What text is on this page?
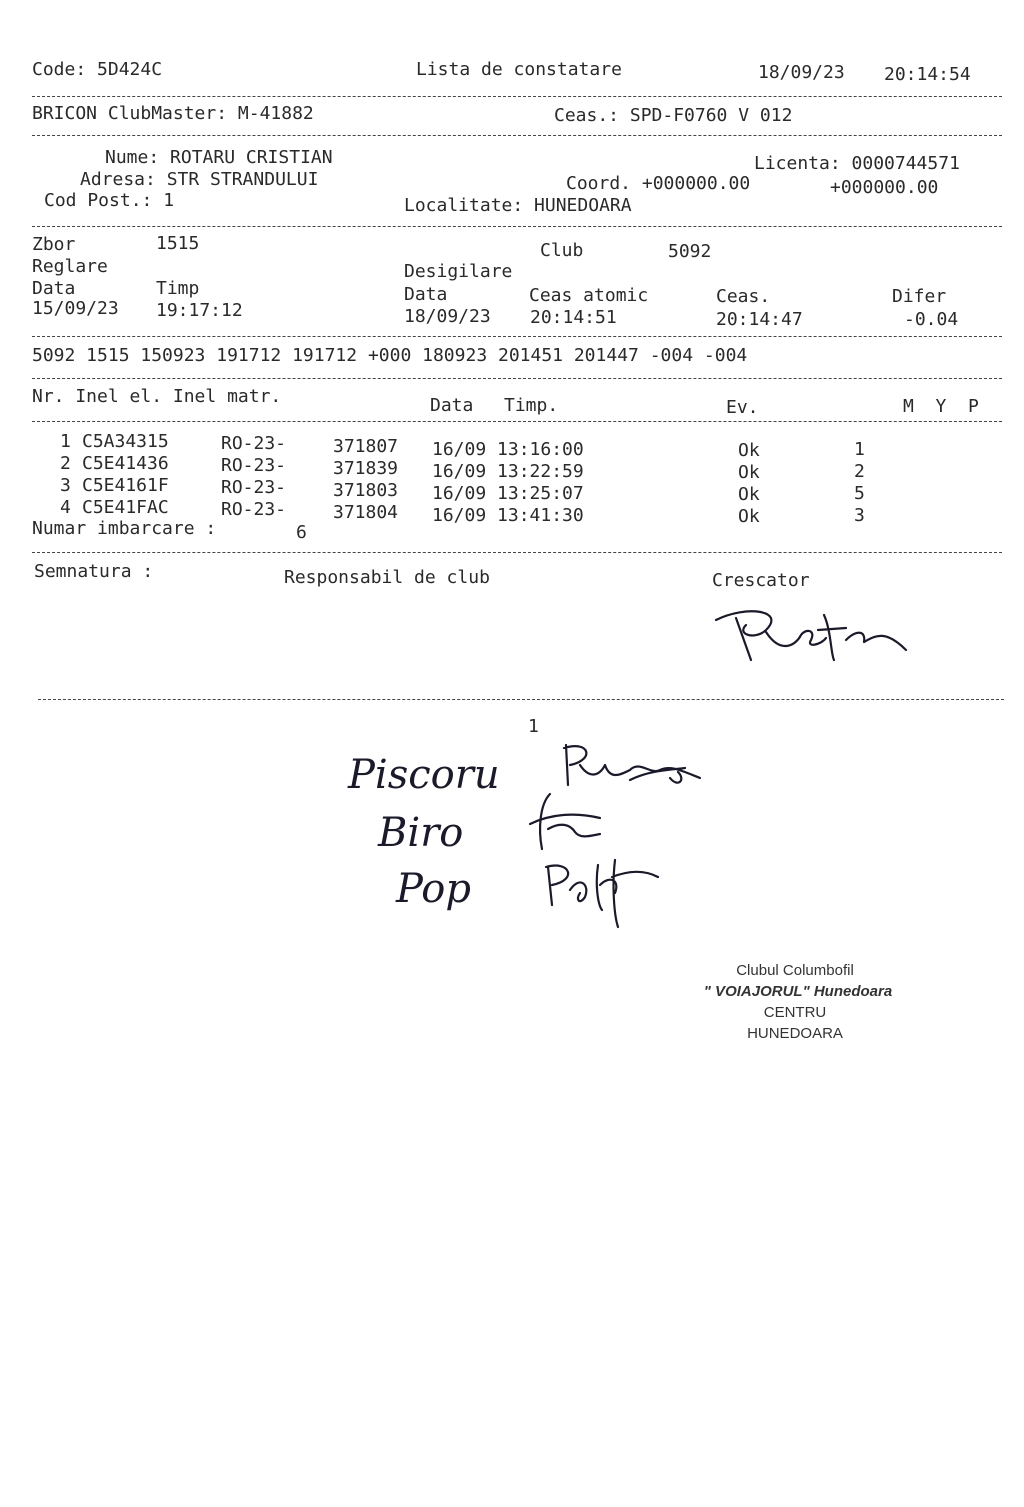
Code: 5D424C	Lista de constatare	18/09/23 20:14:54
BRICON ClubMaster: M-41882	Ceas.: SPD-F0760 V 012
Nume: ROTARU CRISTIAN
Adresa: STR STRANDULUI
Cod Post.: 1
Licenta: 0000744571
Coord. +000000.00	+000000.00
Localitate: HUNEDOARA
Zbor	1515	Club	5092
Reglare	Desigilare
Data	Timp
15/09/23 19:17:12
Data	Ceas atomic	Ceas.	Difer
18/09/23 20:14:51	20:14:47	-0.04
5092 1515 150923 191712 191712 +000 180923 201451 201447 -004 -004
Nr. Inel el. Inel matr.	Data Timp.	Ev.	M  Y  P
1 C5A34315	RO-23-	371807 16/09 13:16:00	Ok	1
2 C5E41436	RO-23-	371839 16/09 13:22:59	Ok	2
3 C5E4161F	RO-23-	371803 16/09 13:25:07	Ok	5
4 C5E41FAC	RO-23-	371804 16/09 13:41:30	Ok	3
Numar imbarcare :	6
Semnatura :	Responsabil de club	Crescator
1
Piscoru
Biro
Pop
Clubul Columbofil
" VOIAJORUL" Hunedoara
CENTRU
HUNEDOARA
